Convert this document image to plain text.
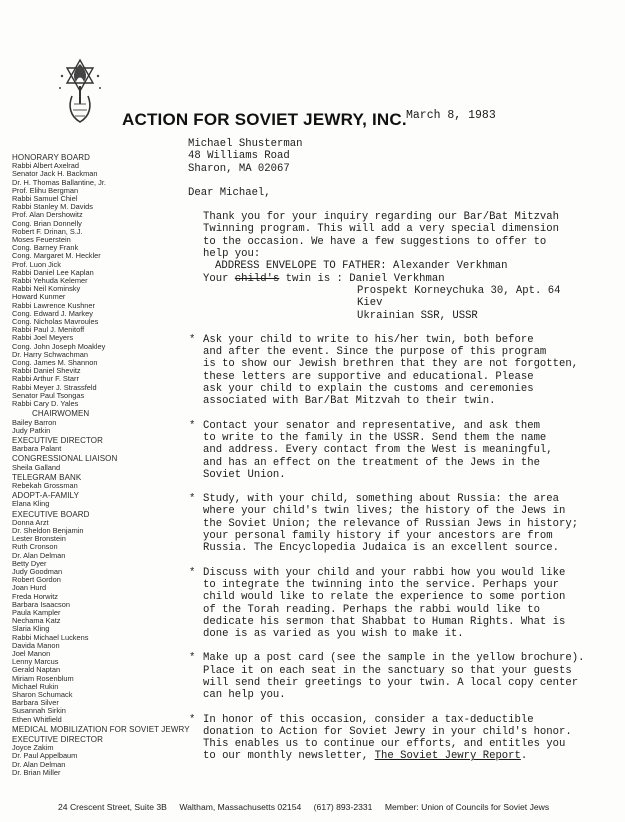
ACTION FOR SOVIET JEWRY, INC. March 8, 1983
HONORARY BOARD
Rabbi Albert Axelrad
Senator Jack H. Backman
Dr. H. Thomas Ballantine, Jr.
Prof. Elihu Bergman
Rabbi Samuel Chiel
Rabbi Stanley M. Davids
Prof. Alan Dershowitz
Cong. Brian Donnelly
Robert F. Drinan, S.J.
Moses Feuerstein
Cong. Barney Frank
Cong. Margaret M. Heckler
Prof. Luon Jick
Rabbi Daniel Lee Kaplan
Rabbi Yehuda Kelemer
Rabbi Neil Kominsky
Howard Kunmer
Rabbi Lawrence Kushner
Cong. Edward J. Markey
Cong. Nicholas Mavroules
Rabbi Paul J. Menitoff
Rabbi Joel Meyers
Cong. John Joseph Moakley
Dr. Harry Schwachman
Cong. James M. Shannon
Rabbi Daniel Shevitz
Rabbi Arthur F. Starr
Rabbi Meyer J. Strassfeld
Senator Paul Tsongas
Rabbi Cary D. Yales
CHAIRWOMEN
Bailey Barron
Judy Patkin
EXECUTIVE DIRECTOR
Barbara Palant
CONGRESSIONAL LIAISON
Sheila Galland
TELEGRAM BANK
Rebekah Grossman
ADOPT-A-FAMILY
Elana Kling
EXECUTIVE BOARD
Donna Arzt
Dr. Sheldon Benjamin
Lester Bronstein
Ruth Cronson
Dr. Alan Delman
Betty Dyer
Judy Goodman
Robert Gordon
Joan Hurd
Freda Horwitz
Barbara Isaacson
Paula Kampler
Nechama Katz
Slaria Kling
Rabbi Michael Luckens
Davida Manon
Joel Manon
Lenny Marcus
Gerald Naptan
Miriam Rosenblum
Michael Rukin
Sharon Schumack
Barbara Silver
Susannah Sirkin
Ethen Whitfield
MEDICAL MOBILIZATION FOR SOVIET JEWRY
EXECUTIVE DIRECTOR
Joyce Zakim
Dr. Paul Appelbaum
Dr. Alan Delman
Dr. Brian Miller
Michael Shusterman
48 Williams Road
Sharon, MA 02067
Dear Michael,
Thank you for your inquiry regarding our Bar/Bat Mitzvah
Twinning program. This will add a very special dimension
to the occasion. We have a few suggestions to offer to
help you:
ADDRESS ENVELOPE TO FATHER: Alexander Verkhman
Your child's twin is : Daniel Verkhman
Prospekt Korneychuka 30, Apt. 64
Kiev
Ukrainian SSR, USSR
* Ask your child to write to his/her twin, both before
and after the event. Since the purpose of this program
is to show our Jewish brethren that they are not forgotten,
these letters are supportive and educational. Please
ask your child to explain the customs and ceremonies
associated with Bar/Bat Mitzvah to their twin.
* Contact your senator and representative, and ask them
to write to the family in the USSR. Send them the name
and address. Every contact from the West is meaningful,
and has an effect on the treatment of the Jews in the
Soviet Union.
* Study, with your child, something about Russia: the area
where your child's twin lives; the history of the Jews in
the Soviet Union; the relevance of Russian Jews in history;
your personal family history if your ancestors are from
Russia. The Encyclopedia Judaica is an excellent source.
* Discuss with your child and your rabbi how you would like
to integrate the twinning into the service. Perhaps your
child would like to relate the experience to some portion
of the Torah reading. Perhaps the rabbi would like to
dedicate his sermon that Shabbat to Human Rights. What is
done is as varied as you wish to make it.
* Make up a post card (see the sample in the yellow brochure).
Place it on each seat in the sanctuary so that your guests
will send their greetings to your twin. A local copy center
can help you.
* In honor of this occasion, consider a tax-deductible
donation to Action for Soviet Jewry in your child's honor.
This enables us to continue our efforts, and entitles you
to our monthly newsletter, The Soviet Jewry Report.
24 Crescent Street, Suite 3B Waltham, Massachusetts 02154 (617) 893-2331 Member: Union of Councils for Soviet Jews
